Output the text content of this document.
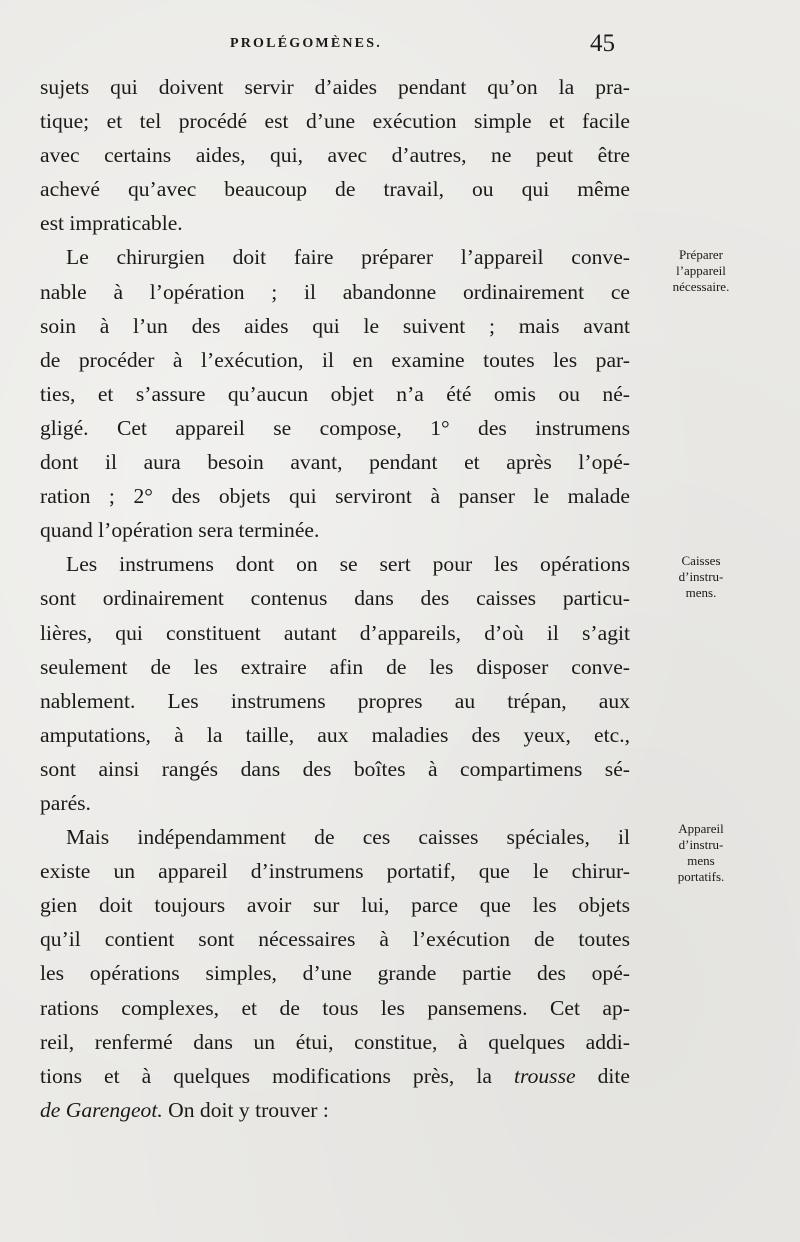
PROLÉGOMÈNES.	45
sujets qui doivent servir d’aides pendant qu’on la pra-
tique; et tel procédé est d’une exécution simple et facile
avec certains aides, qui, avec d’autres, ne peut être
achevé qu’avec beaucoup de travail, ou qui même
est impraticable.
Le chirurgien doit faire préparer l’appareil conve-
nable à l’opération ; il abandonne ordinairement ce
soin à l’un des aides qui le suivent ; mais avant
de procéder à l’exécution, il en examine toutes les par-
ties, et s’assure qu’aucun objet n’a été omis ou né-
gligé. Cet appareil se compose, 1° des instrumens
dont il aura besoin avant, pendant et après l’opé-
ration ; 2° des objets qui serviront à panser le malade
quand l’opération sera terminée.
Les instrumens dont on se sert pour les opérations
sont ordinairement contenus dans des caisses particu-
lières, qui constituent autant d’appareils, d’où il s’agit
seulement de les extraire afin de les disposer conve-
nablement. Les instrumens propres au trépan, aux
amputations, à la taille, aux maladies des yeux, etc.,
sont ainsi rangés dans des boîtes à compartimens sé-
parés.
Mais indépendamment de ces caisses spéciales, il
existe un appareil d’instrumens portatif, que le chirur-
gien doit toujours avoir sur lui, parce que les objets
qu’il contient sont nécessaires à l’exécution de toutes
les opérations simples, d’une grande partie des opé-
rations complexes, et de tous les pansemens. Cet ap-
reil, renfermé dans un étui, constitue, à quelques addi-
tions et à quelques modifications près, la trousse dite
de Garengeot. On doit y trouver :
Préparer
l’appareil
nécessaire.
Caisses
d’instru-
mens.
Appareil
d’instru-
mens
portatifs.
